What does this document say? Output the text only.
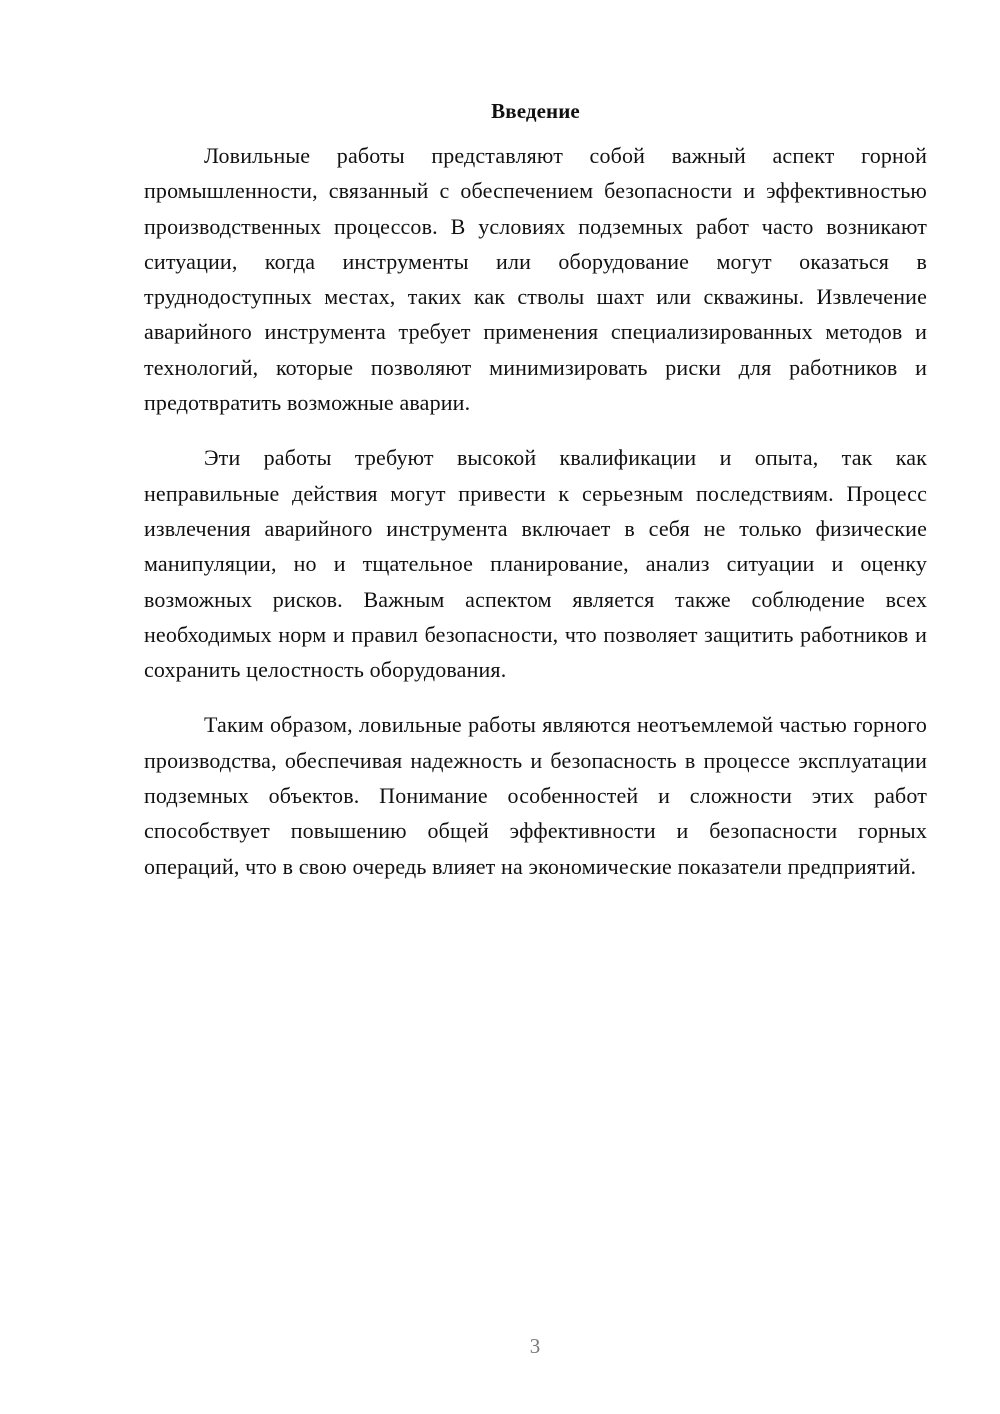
Введение

Ловильные работы представляют собой важный аспект горной промышленности, связанный с обеспечением безопасности и эффективностью производственных процессов. В условиях подземных работ часто возникают ситуации, когда инструменты или оборудование могут оказаться в труднодоступных местах, таких как стволы шахт или скважины. Извлечение аварийного инструмента требует применения специализированных методов и технологий, которые позволяют минимизировать риски для работников и предотвратить возможные аварии.

Эти работы требуют высокой квалификации и опыта, так как неправильные действия могут привести к серьезным последствиям. Процесс извлечения аварийного инструмента включает в себя не только физические манипуляции, но и тщательное планирование, анализ ситуации и оценку возможных рисков. Важным аспектом является также соблюдение всех необходимых норм и правил безопасности, что позволяет защитить работников и сохранить целостность оборудования.

Таким образом, ловильные работы являются неотъемлемой частью горного производства, обеспечивая надежность и безопасность в процессе эксплуатации подземных объектов. Понимание особенностей и сложности этих работ способствует повышению общей эффективности и безопасности горных операций, что в свою очередь влияет на экономические показатели предприятий.

3
